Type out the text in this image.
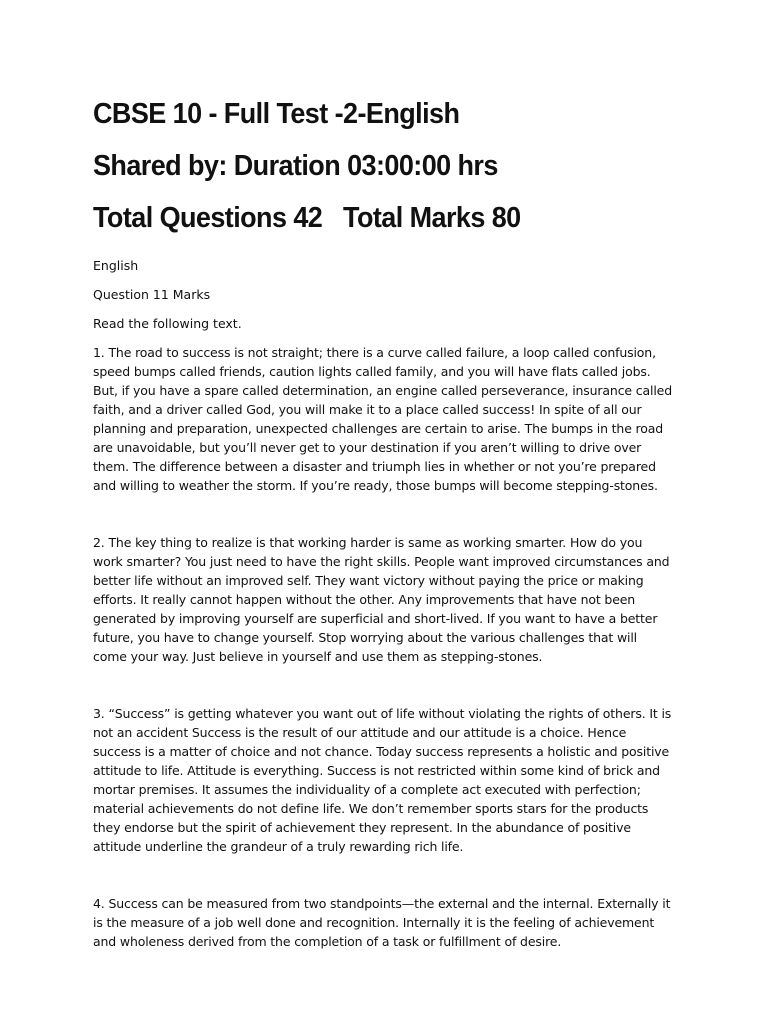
CBSE 10 - Full Test -2-English
Shared by: Duration 03:00:00 hrs
Total Questions 42   Total Marks 80

English

Question 11 Marks

Read the following text.

1. The road to success is not straight; there is a curve called failure, a loop called confusion, speed bumps called friends, caution lights called family, and you will have flats called jobs. But, if you have a spare called determination, an engine called perseverance, insurance called faith, and a driver called God, you will make it to a place called success! In spite of all our planning and preparation, unexpected challenges are certain to arise. The bumps in the road are unavoidable, but you’ll never get to your destination if you aren’t willing to drive over them. The difference between a disaster and triumph lies in whether or not you’re prepared and willing to weather the storm. If you’re ready, those bumps will become stepping-stones.

2. The key thing to realize is that working harder is same as working smarter. How do you work smarter? You just need to have the right skills. People want improved circumstances and better life without an improved self. They want victory without paying the price or making efforts. It really cannot happen without the other. Any improvements that have not been generated by improving yourself are superficial and short-lived. If you want to have a better future, you have to change yourself. Stop worrying about the various challenges that will come your way. Just believe in yourself and use them as stepping-stones.

3. “Success” is getting whatever you want out of life without violating the rights of others. It is not an accident Success is the result of our attitude and our attitude is a choice. Hence success is a matter of choice and not chance. Today success represents a holistic and positive attitude to life. Attitude is everything. Success is not restricted within some kind of brick and mortar premises. It assumes the individuality of a complete act executed with perfection; material achievements do not define life. We don’t remember sports stars for the products they endorse but the spirit of achievement they represent. In the abundance of positive attitude underline the grandeur of a truly rewarding rich life.

4. Success can be measured from two standpoints—the external and the internal. Externally it is the measure of a job well done and recognition. Internally it is the feeling of achievement and wholeness derived from the completion of a task or fulfillment of desire.
